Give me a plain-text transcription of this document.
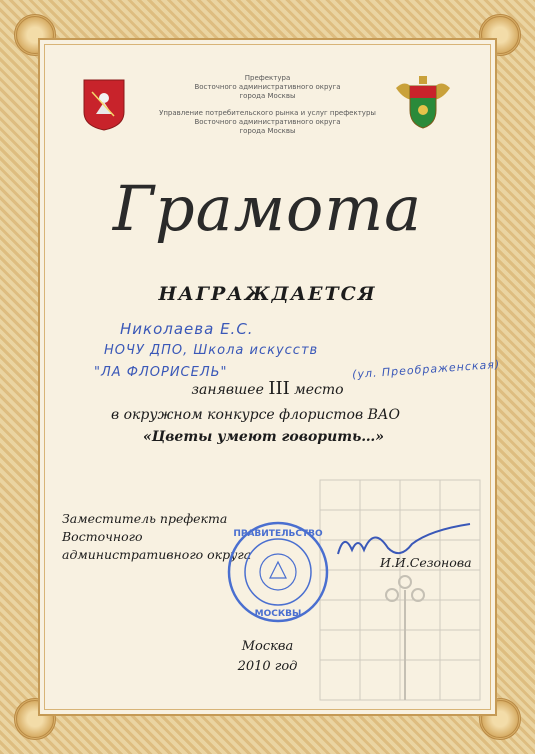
Префектура
Восточного административного округа
города Москвы
Управление потребительского рынка и услуг префектуры
Восточного административного округа
города Москвы
Грамота
НАГРАЖДАЕТСЯ
Николаева Е.С.
НОЧУ ДПО, Школа искусств
"ЛА ФЛОРИСЕЛЬ"	(ул. Преображенская)
занявшее III место
в окружном конкурсе флористов ВАО
«Цветы умеют говорить…»
Заместитель префекта
Восточного
административного округа
ПРАВИТЕЛЬСТВО
МОСКВЫ
И.И.Сезонова
Москва
2010 год
